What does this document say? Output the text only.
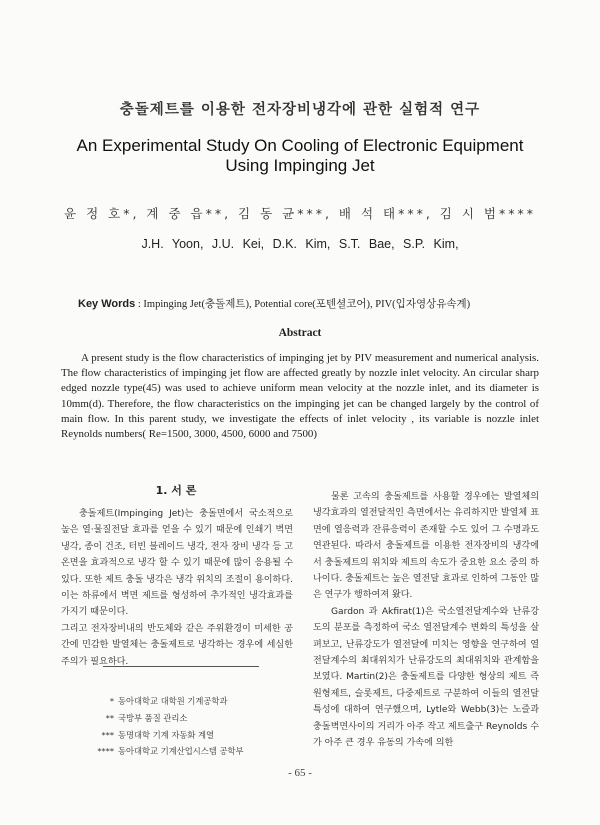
충돌제트를 이용한 전자장비냉각에 관한 실험적 연구
An Experimental Study On Cooling of Electronic Equipment
Using Impinging Jet
윤 정 호*, 계 중 읍**, 김 동 균***, 배 석 태***, 김 시 범****
J.H. Yoon, J.U. Kei, D.K. Kim, S.T. Bae, S.P. Kim,
Key Words : Impinging Jet(충돌제트), Potential core(포텐셜코어), PIV(입자영상유속계)
Abstract
A present study is the flow characteristics of impinging jet by PIV measurement and numerical analysis. The flow characteristics of impinging jet flow are affected greatly by nozzle inlet velocity. An circular sharp edged nozzle type(45) was used to achieve uniform mean velocity at the nozzle inlet, and its diameter is 10mm(d). Therefore, the flow characteristics on the impinging jet can be changed largely by the control of main flow. In this parent study, we investigate the effects of inlet velocity , its variable is nozzle inlet Reynolds numbers( Re=1500, 3000, 4500, 6000 and 7500)
1. 서 론

충돌제트(Impinging Jet)는 충돌면에서 국소적으로 높은 열·물질전달 효과를 얻을 수 있기 때문에 인쇄기 벽면 냉각, 종이 건조, 터빈 블레이드 냉각, 전자 장비 냉각 등 고온면을 효과적으로 냉각 할 수 있기 때문에 많이 응용될 수 있다. 또한 제트 충돌 냉각은 냉각 위치의 조절이 용이하다. 이는 하류에서 벽면 제트를 형성하여 추가적인 냉각효과를 가지기 때문이다.

그리고 전자장비내의 반도체와 같은 주위환경이 미세한 공간에 민감한 발열체는 충돌제트로 냉각하는 경우에 세심한 주의가 필요하다.

* 동아대학교 대학원 기계공학과
** 국방부 품질 관리소
*** 동명대학 기계 자동화 계열
**** 동아대학교 기계산업시스템 공학부

물론 고속의 충돌제트를 사용할 경우에는 발열체의 냉각효과의 열전달적인 측면에서는 유리하지만 발열체 표면에 열응력과 잔류응력이 존재할 수도 있어 그 수명과도 연관된다. 따라서 충돌제트를 이용한 전자장비의 냉각에서 충돌제트의 위치와 제트의 속도가 중요한 요소 중의 하나이다. 충돌제트는 높은 열전달 효과로 인하여 그동안 많은 연구가 행하여져 왔다.

Gardon 과 Akfirat(1)은 국소열전달계수와 난류강도의 분포를 측정하여 국소 열전달계수 변화의 특성을 살펴보고, 난류강도가 열전달에 미치는 영향을 연구하여 열전달계수의 최대위치가 난류강도의 최대위치와 관계함을 보였다. Martin(2)은 충돌제트를 다양한 형상의 제트 즉 원형제트, 슬롯제트, 다중제트로 구분하여 이들의 열전달특성에 대하여 연구했으며, Lytle와 Webb(3)는 노즐과 충돌벽면사이의 거리가 아주 작고 제트출구 Reynolds 수가 아주 큰 경우 유동의 가속에 의한

- 65 -
